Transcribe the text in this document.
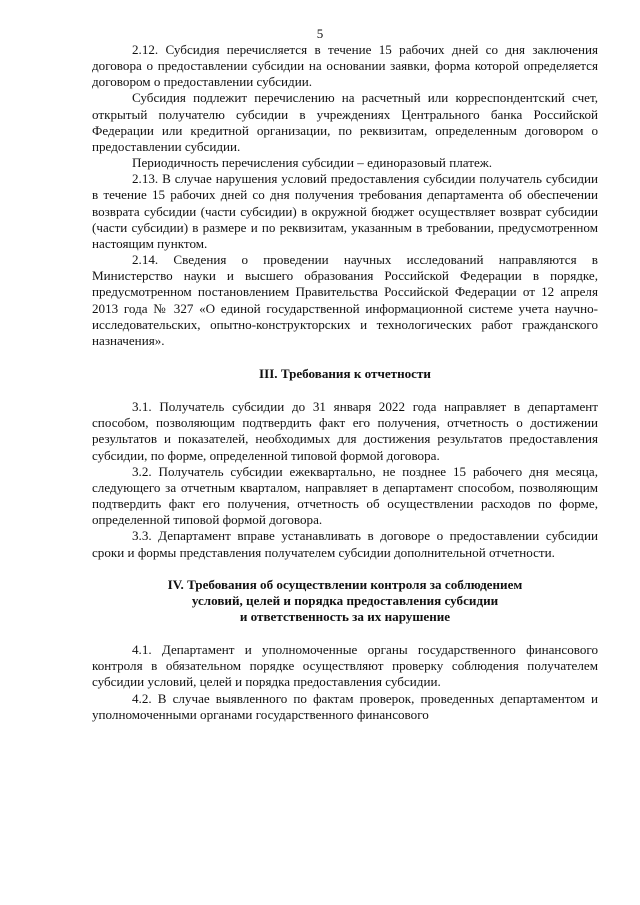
5

2.12. Субсидия перечисляется в течение 15 рабочих дней со дня заключения договора о предоставлении субсидии на основании заявки, форма которой определяется договором о предоставлении субсидии.

Субсидия подлежит перечислению на расчетный или корреспондентский счет, открытый получателю субсидии в учреждениях Центрального банка Российской Федерации или кредитной организации, по реквизитам, определенным договором о предоставлении субсидии.

Периодичность перечисления субсидии – единоразовый платеж.

2.13. В случае нарушения условий предоставления субсидии получатель субсидии в течение 15 рабочих дней со дня получения требования департамента об обеспечении возврата субсидии (части субсидии) в окружной бюджет осуществляет возврат субсидии (части субсидии) в размере и по реквизитам, указанным в требовании, предусмотренном настоящим пунктом.

2.14. Сведения о проведении научных исследований направляются в Министерство науки и высшего образования Российской Федерации в порядке, предусмотренном постановлением Правительства Российской Федерации от 12 апреля 2013 года № 327 «О единой государственной информационной системе учета научно-исследовательских, опытно-конструкторских и технологических работ гражданского назначения».

III. Требования к отчетности

3.1. Получатель субсидии до 31 января 2022 года направляет в департамент способом, позволяющим подтвердить факт его получения, отчетность о достижении результатов и показателей, необходимых для достижения результатов предоставления субсидии, по форме, определенной типовой формой договора.

3.2. Получатель субсидии ежеквартально, не позднее 15 рабочего дня месяца, следующего за отчетным кварталом, направляет в департамент способом, позволяющим подтвердить факт его получения, отчетность об осуществлении расходов по форме, определенной типовой формой договора.

3.3. Департамент вправе устанавливать в договоре о предоставлении субсидии сроки и формы представления получателем субсидии дополнительной отчетности.

IV. Требования об осуществлении контроля за соблюдением
условий, целей и порядка предоставления субсидии
и ответственность за их нарушение

4.1. Департамент и уполномоченные органы государственного финансового контроля в обязательном порядке осуществляют проверку соблюдения получателем субсидии условий, целей и порядка предоставления субсидии.

4.2. В случае выявленного по фактам проверок, проведенных департаментом и уполномоченными органами государственного финансового
